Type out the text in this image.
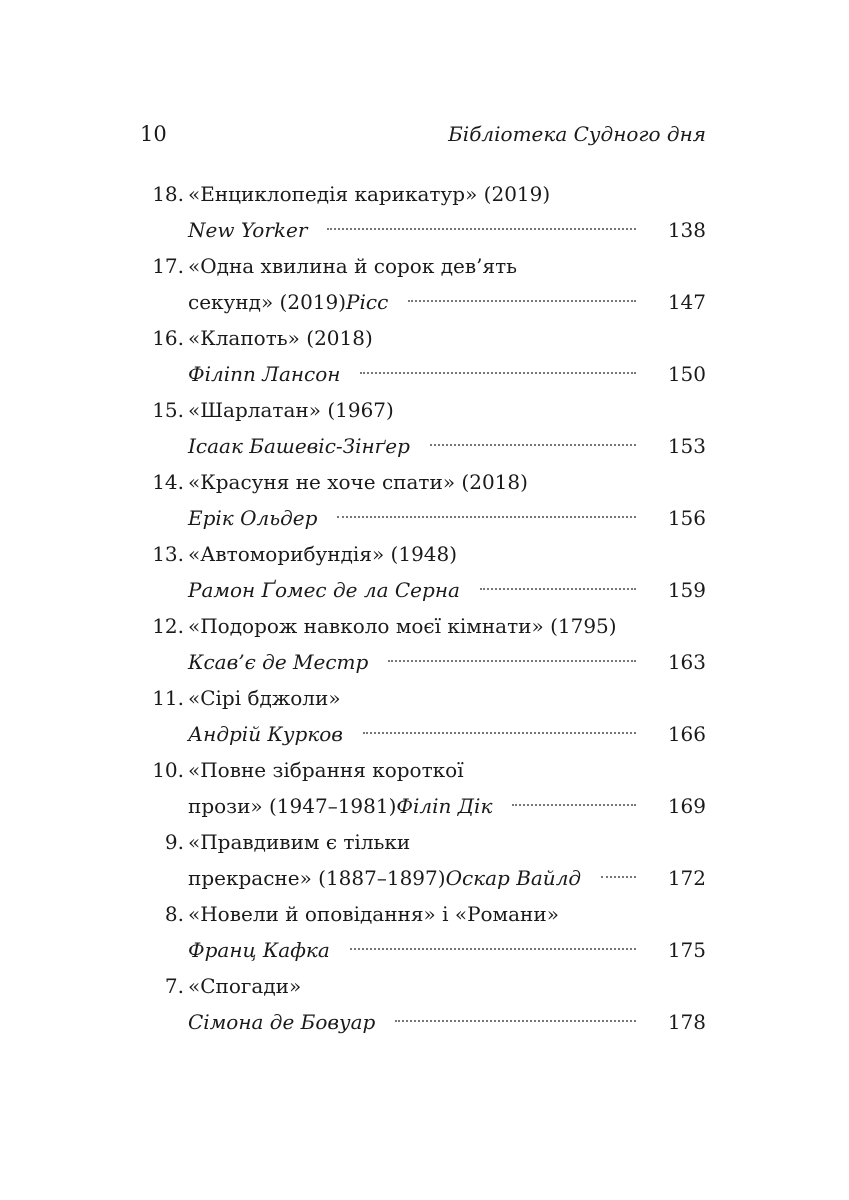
10	Бібліотека Судного дня
18. «Енциклопедія карикатур» (2019)
New Yorker	138
17. «Одна хвилина й сорок дев’ять
секунд» (2019) Рісс	147
16. «Клапоть» (2018)
Філіпп Лансон	150
15. «Шарлатан» (1967)
Ісаак Башевіс-Зінґер	153
14. «Красуня не хоче спати» (2018)
Ерік Ольдер	156
13. «Автоморибундія» (1948)
Рамон Ґомес де ла Серна	159
12. «Подорож навколо моєї кімнати» (1795)
Ксав’є де Местр	163
11. «Сірі бджоли»
Андрій Курков	166
10. «Повне зібрання короткої
прози» (1947–1981) Філіп Дік	169
9. «Правдивим є тільки
прекрасне» (1887–1897) Оскар Вайлд	172
8. «Новели й оповідання» і «Романи»
Франц Кафка	175
7. «Спогади»
Сімона де Бовуар	178
